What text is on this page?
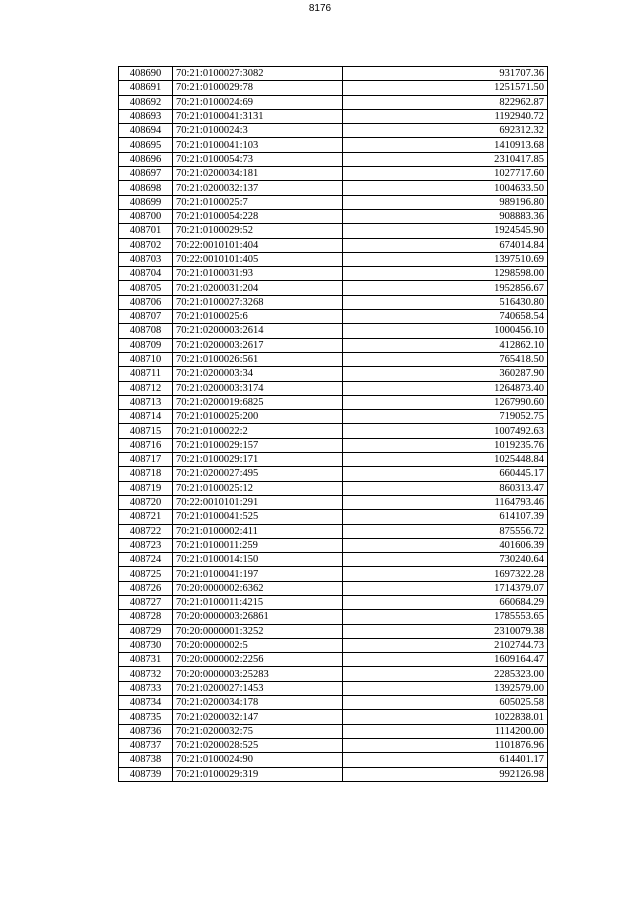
8176
408690	70:21:0100027:3082	931707.36
408691	70:21:0100029:78	1251571.50
408692	70:21:0100024:69	822962.87
408693	70:21:0100041:3131	1192940.72
408694	70:21:0100024:3	692312.32
408695	70:21:0100041:103	1410913.68
408696	70:21:0100054:73	2310417.85
408697	70:21:0200034:181	1027717.60
408698	70:21:0200032:137	1004633.50
408699	70:21:0100025:7	989196.80
408700	70:21:0100054:228	908883.36
408701	70:21:0100029:52	1924545.90
408702	70:22:0010101:404	674014.84
408703	70:22:0010101:405	1397510.69
408704	70:21:0100031:93	1298598.00
408705	70:21:0200031:204	1952856.67
408706	70:21:0100027:3268	516430.80
408707	70:21:0100025:6	740658.54
408708	70:21:0200003:2614	1000456.10
408709	70:21:0200003:2617	412862.10
408710	70:21:0100026:561	765418.50
408711	70:21:0200003:34	360287.90
408712	70:21:0200003:3174	1264873.40
408713	70:21:0200019:6825	1267990.60
408714	70:21:0100025:200	719052.75
408715	70:21:0100022:2	1007492.63
408716	70:21:0100029:157	1019235.76
408717	70:21:0100029:171	1025448.84
408718	70:21:0200027:495	660445.17
408719	70:21:0100025:12	860313.47
408720	70:22:0010101:291	1164793.46
408721	70:21:0100041:525	614107.39
408722	70:21:0100002:411	875556.72
408723	70:21:0100011:259	401606.39
408724	70:21:0100014:150	730240.64
408725	70:21:0100041:197	1697322.28
408726	70:20:0000002:6362	1714379.07
408727	70:21:0100011:4215	660684.29
408728	70:20:0000003:26861	1785553.65
408729	70:20:0000001:3252	2310079.38
408730	70:20:0000002:5	2102744.73
408731	70:20:0000002:2256	1609164.47
408732	70:20:0000003:25283	2285323.00
408733	70:21:0200027:1453	1392579.00
408734	70:21:0200034:178	605025.58
408735	70:21:0200032:147	1022838.01
408736	70:21:0200032:75	1114200.00
408737	70:21:0200028:525	1101876.96
408738	70:21:0100024:90	614401.17
408739	70:21:0100029:319	992126.98
